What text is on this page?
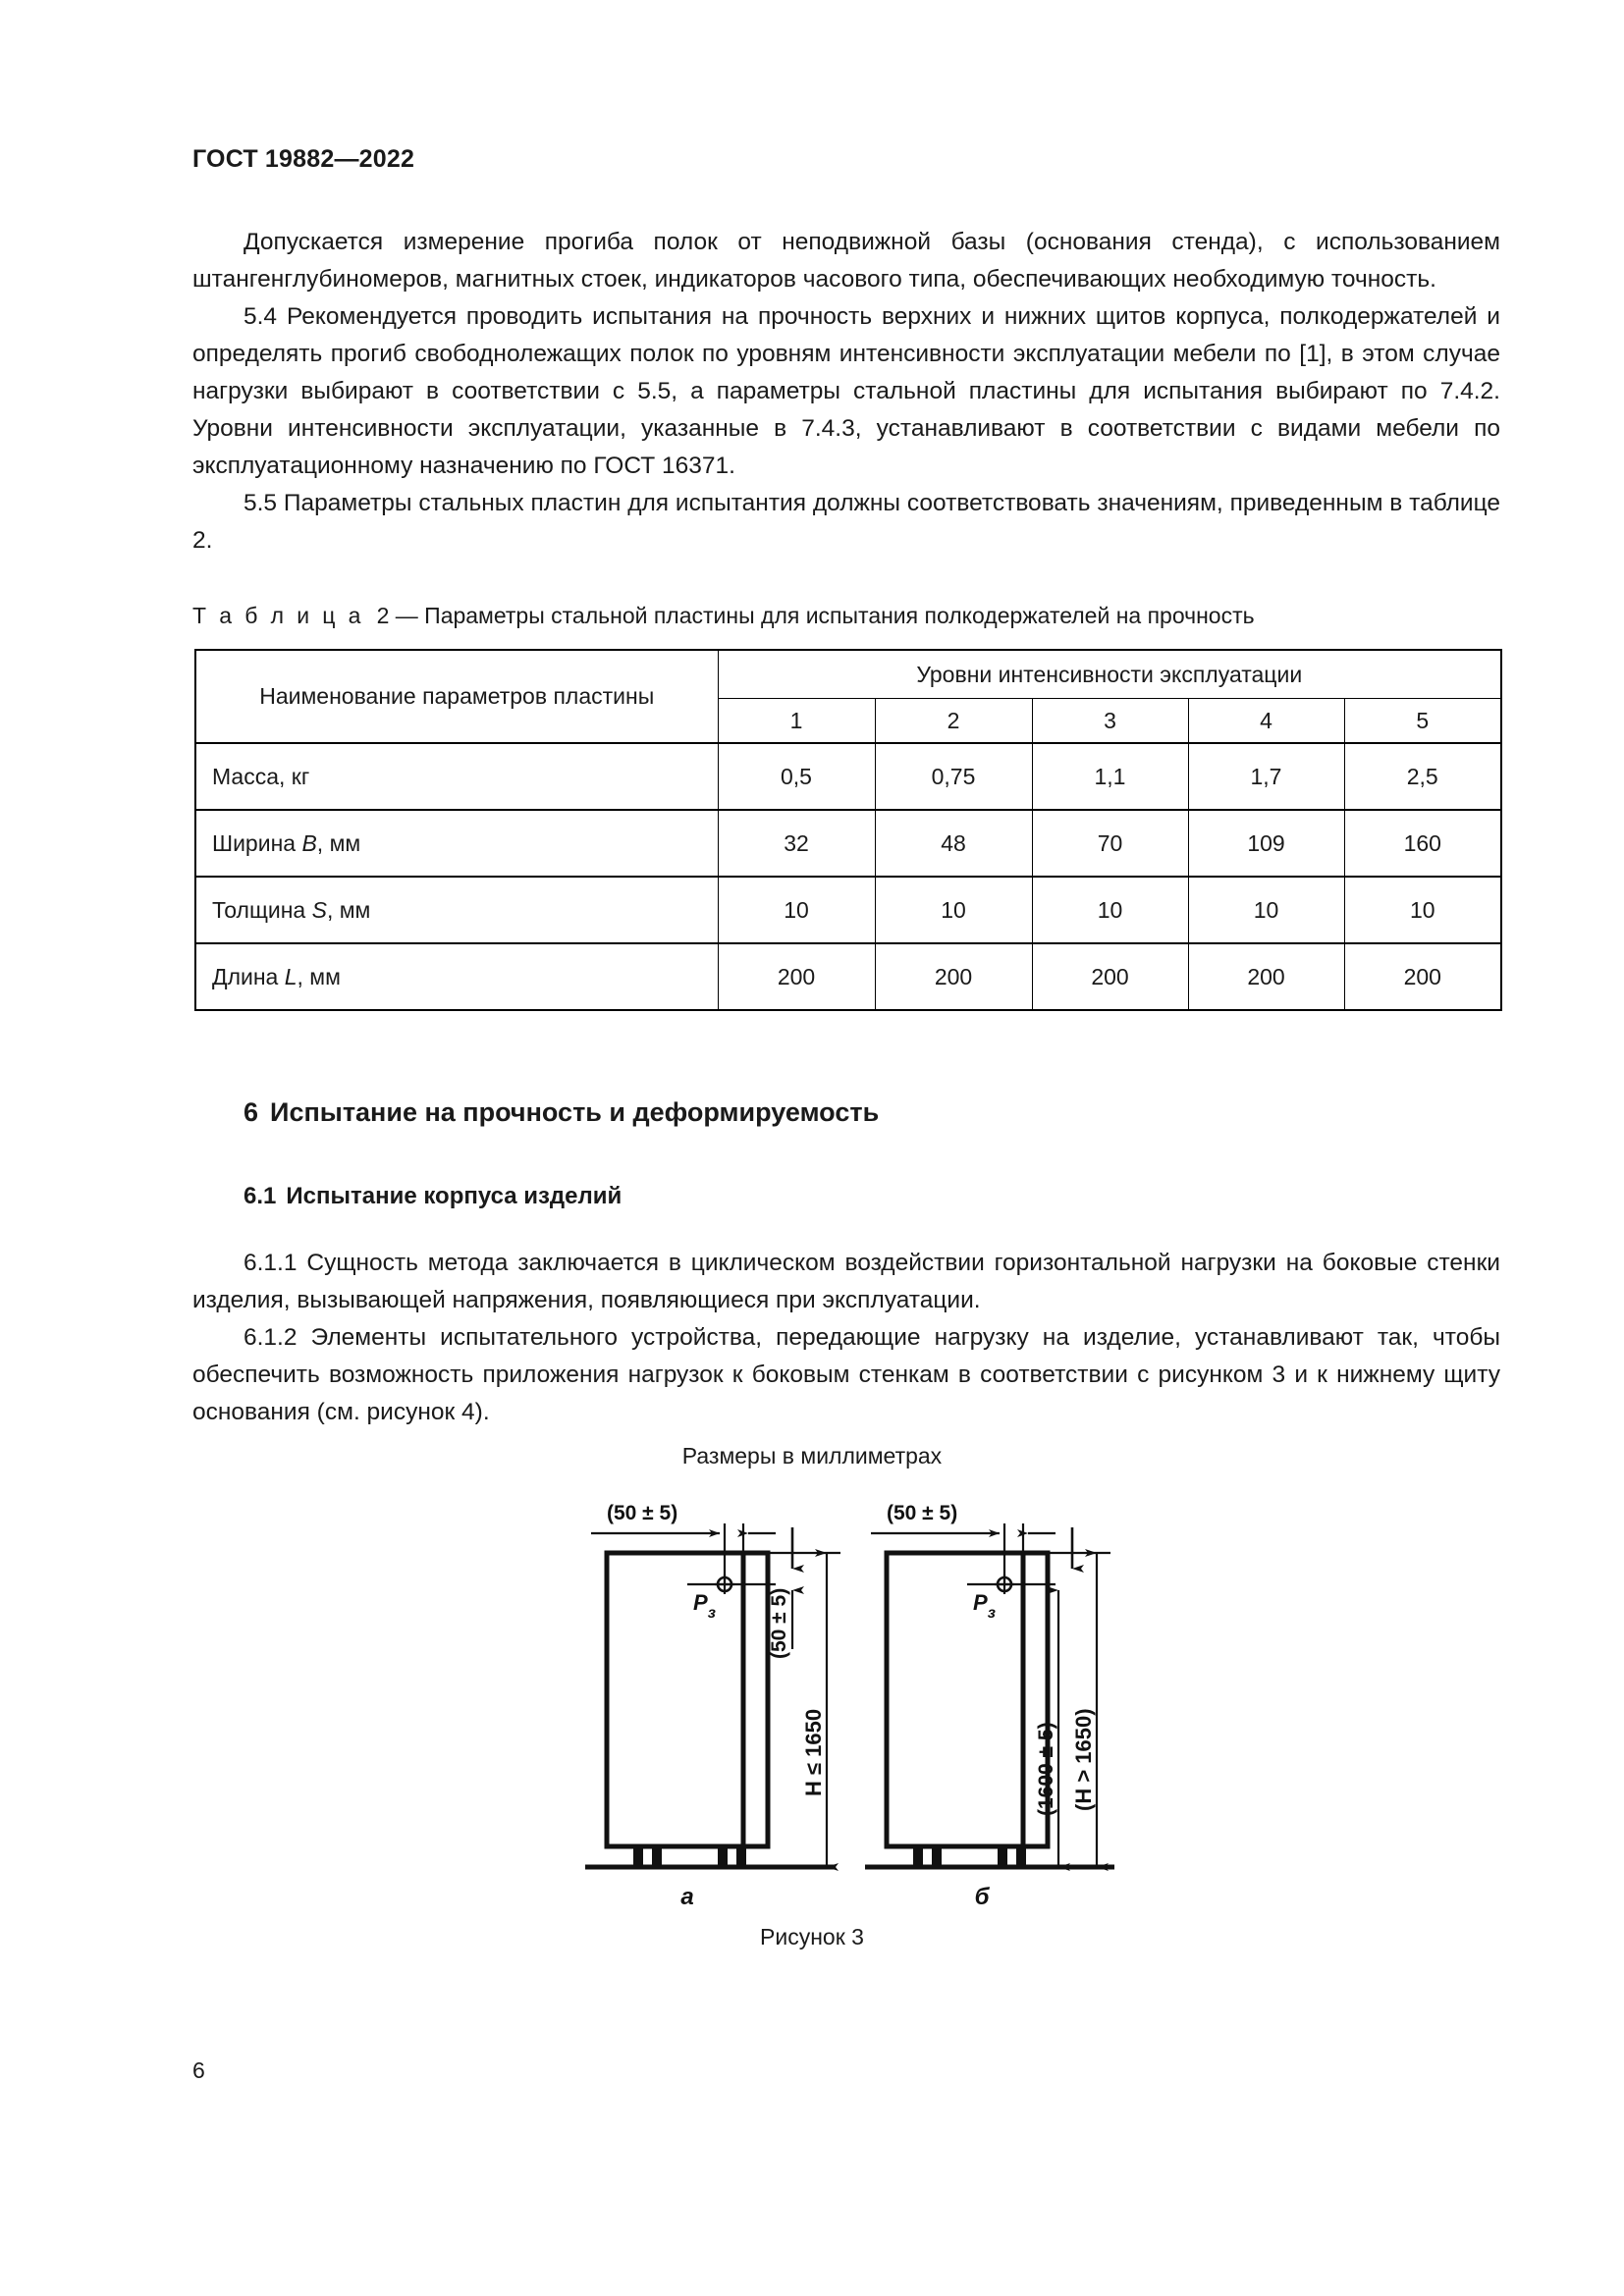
ГОСТ 19882—2022

Допускается измерение прогиба полок от неподвижной базы (основания стенда), с использованием штангенглубиномеров, магнитных стоек, индикаторов часового типа, обеспечивающих необходимую точность.

5.4 Рекомендуется проводить испытания на прочность верхних и нижних щитов корпуса, полкодержателей и определять прогиб свободнолежащих полок по уровням интенсивности эксплуатации мебели по [1], в этом случае нагрузки выбирают в соответствии с 5.5, а параметры стальной пластины для испытания выбирают по 7.4.2. Уровни интенсивности эксплуатации, указанные в 7.4.3, устанавливают в соответствии с видами мебели по эксплуатационному назначению по ГОСТ 16371.

5.5 Параметры стальных пластин для испытантия должны соответствовать значениям, приведенным в таблице 2.

Т а б л и ц а 2 — Параметры стальной пластины для испытания полкодержателей на прочность
Наименование параметров пластины	Уровни интенсивности эксплуатации				
	1	2	3	4	5
Масса, кг	0,5	0,75	1,1	1,7	2,5
Ширина B, мм	32	48	70	109	160
Толщина S, мм	10	10	10	10	10
Длина L, мм	200	200	200	200	200
6 Испытание на прочность и деформируемость
6.1 Испытание корпуса изделий

6.1.1 Сущность метода заключается в циклическом воздействии горизонтальной нагрузки на боковые стенки изделия, вызывающей напряжения, появляющиеся при эксплуатации.

6.1.2 Элементы испытательного устройства, передающие нагрузку на изделие, устанавливают так, чтобы обеспечить возможность приложения нагрузок к боковым стенкам в соответствии с рисунком 3 и к нижнему щиту основания (см. рисунок 4).

Размеры в миллиметрах
(50 ± 5)
$P_з$	(50 ± 5)
H ≤ 1650
а
(50 ± 5)
$P_з$
(1600 ± 5) (H > 1650)
б
Рисунок 3
6
